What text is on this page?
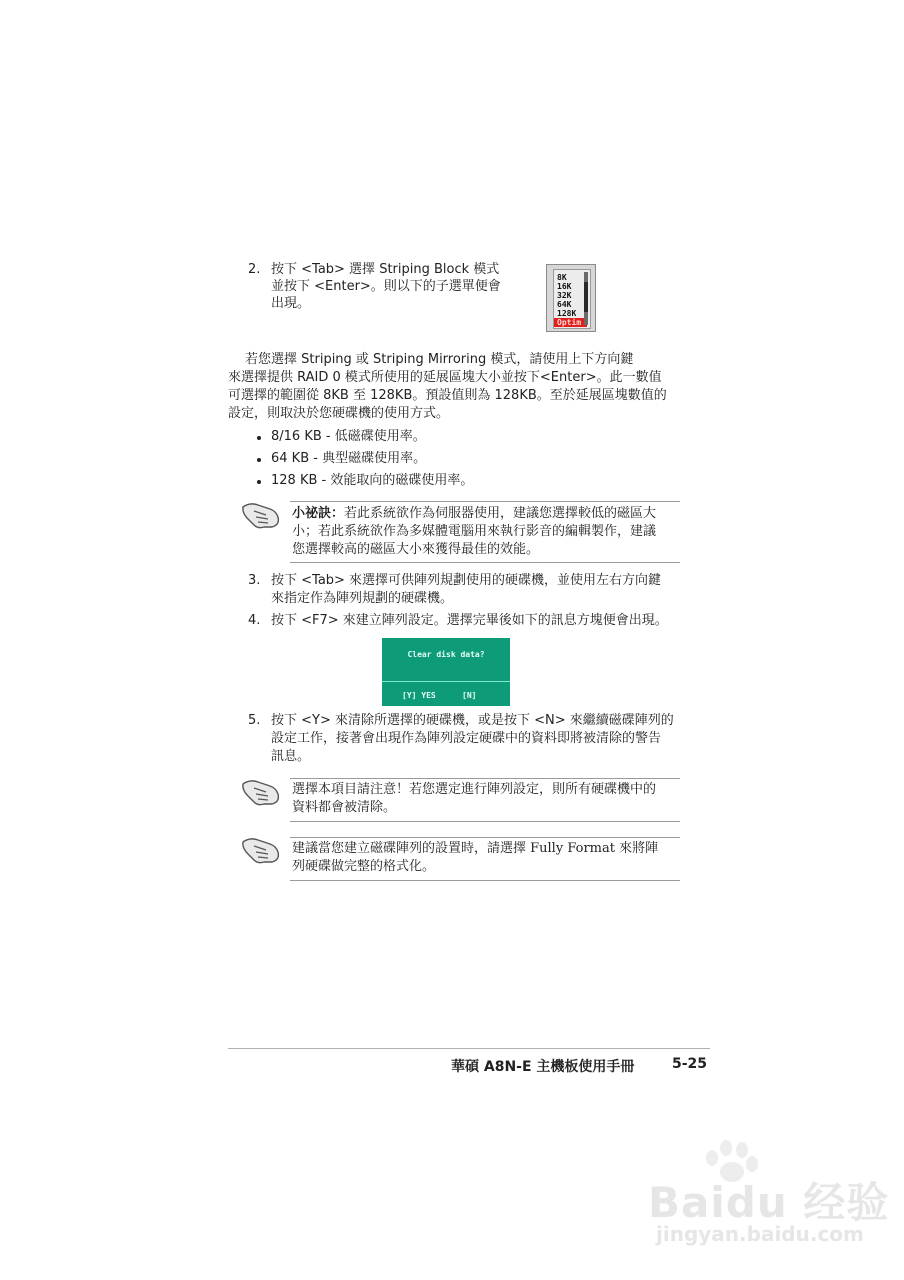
2. 按下 <Tab> 選擇 Striping Block 模式
並按下 <Enter>。則以下的子選單便會
出現。
8K
16K
32K
64K
128K
Optim
若您選擇 Striping 或 Striping Mirroring 模式，請使用上下方向鍵
來選擇提供 RAID 0 模式所使用的延展區塊大小並按下<Enter>。此一數值
可選擇的範圍從 8KB 至 128KB。預設值則為 128KB。至於延展區塊數值的
設定，則取決於您硬碟機的使用方式。
8/16 KB - 低磁碟使用率。
64 KB - 典型磁碟使用率。
128 KB - 效能取向的磁碟使用率。
小祕訣：若此系統欲作為伺服器使用，建議您選擇較低的磁區大
小；若此系統欲作為多媒體電腦用來執行影音的編輯製作，建議
您選擇較高的磁區大小來獲得最佳的效能。
3. 按下 <Tab> 來選擇可供陣列規劃使用的硬碟機，並使用左右方向鍵
來指定作為陣列規劃的硬碟機。
4. 按下 <F7> 來建立陣列設定。選擇完畢後如下的訊息方塊便會出現。
Clear disk data?
[Y] YES	[N]
5. 按下 <Y> 來清除所選擇的硬碟機，或是按下 <N> 來繼續磁碟陣列的
設定工作，接著會出現作為陣列設定硬碟中的資料即將被清除的警告
訊息。
選擇本項目請注意！若您選定進行陣列設定，則所有硬碟機中的
資料都會被清除。
建議當您建立磁碟陣列的設置時，請選擇 Fully Format 來將陣
列硬碟做完整的格式化。
華碩 A8N-E 主機板使用手冊	5-25
Baidu 经验
jingyan.baidu.com
